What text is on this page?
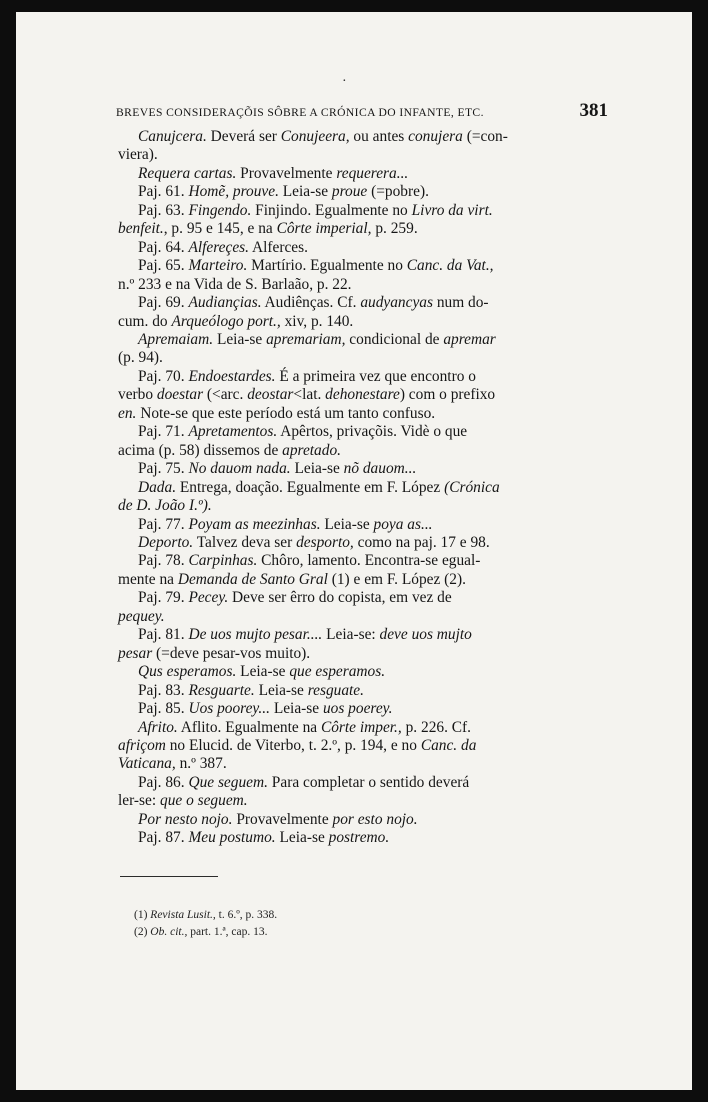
·
BREVES CONSIDERAÇÕIS SÔBRE A CRÓNICA DO INFANTE, ETC.	381

Canujcera. Deverá ser Conujeera, ou antes conujera (=con-
viera).

Requera cartas. Provavelmente requerera...

Paj. 61. Homẽ, prouve. Leia-se proue (=pobre).

Paj. 63. Fingendo. Finjindo. Egualmente no Livro da virt.
benfeit., p. 95 e 145, e na Côrte imperial, p. 259.

Paj. 64. Alfereçes. Alferces.

Paj. 65. Marteiro. Martírio. Egualmente no Canc. da Vat.,
n.º 233 e na Vida de S. Barlaão, p. 22.

Paj. 69. Audiançias. Audiênças. Cf. audyancyas num do-
cum. do Arqueólogo port., xiv, p. 140.

Apremaiam. Leia-se apremariam, condicional de apremar
(p. 94).

Paj. 70. Endoestardes. É a primeira vez que encontro o
verbo doestar (<arc. deostar<lat. dehonestare) com o prefixo
en. Note-se que este período está um tanto confuso.

Paj. 71. Apretamentos. Apêrtos, privaçõis. Vidè o que
acima (p. 58) dissemos de apretado.

Paj. 75. No dauom nada. Leia-se nõ dauom...

Dada. Entrega, doação. Egualmente em F. López (Crónica
de D. João I.º).

Paj. 77. Poyam as meezinhas. Leia-se poya as...

Deporto. Talvez deva ser desporto, como na paj. 17 e 98.

Paj. 78. Carpinhas. Chôro, lamento. Encontra-se egual-
mente na Demanda de Santo Gral (1) e em F. López (2).

Paj. 79. Pecey. Deve ser êrro do copista, em vez de
pequey.

Paj. 81. De uos mujto pesar.... Leia-se: deve uos mujto
pesar (=deve pesar-vos muito).

Qus esperamos. Leia-se que esperamos.

Paj. 83. Resguarte. Leia-se resguate.

Paj. 85. Uos poorey... Leia-se uos poerey.

Afrito. Aflito. Egualmente na Côrte imper., p. 226. Cf.
afriçom no Elucid. de Viterbo, t. 2.º, p. 194, e no Canc. da
Vaticana, n.º 387.

Paj. 86. Que seguem. Para completar o sentido deverá
ler-se: que o seguem.

Por nesto nojo. Provavelmente por esto nojo.

Paj. 87. Meu postumo. Leia-se postremo.

(1) Revista Lusit., t. 6.º, p. 338.
(2) Ob. cit., part. 1.ª, cap. 13.
